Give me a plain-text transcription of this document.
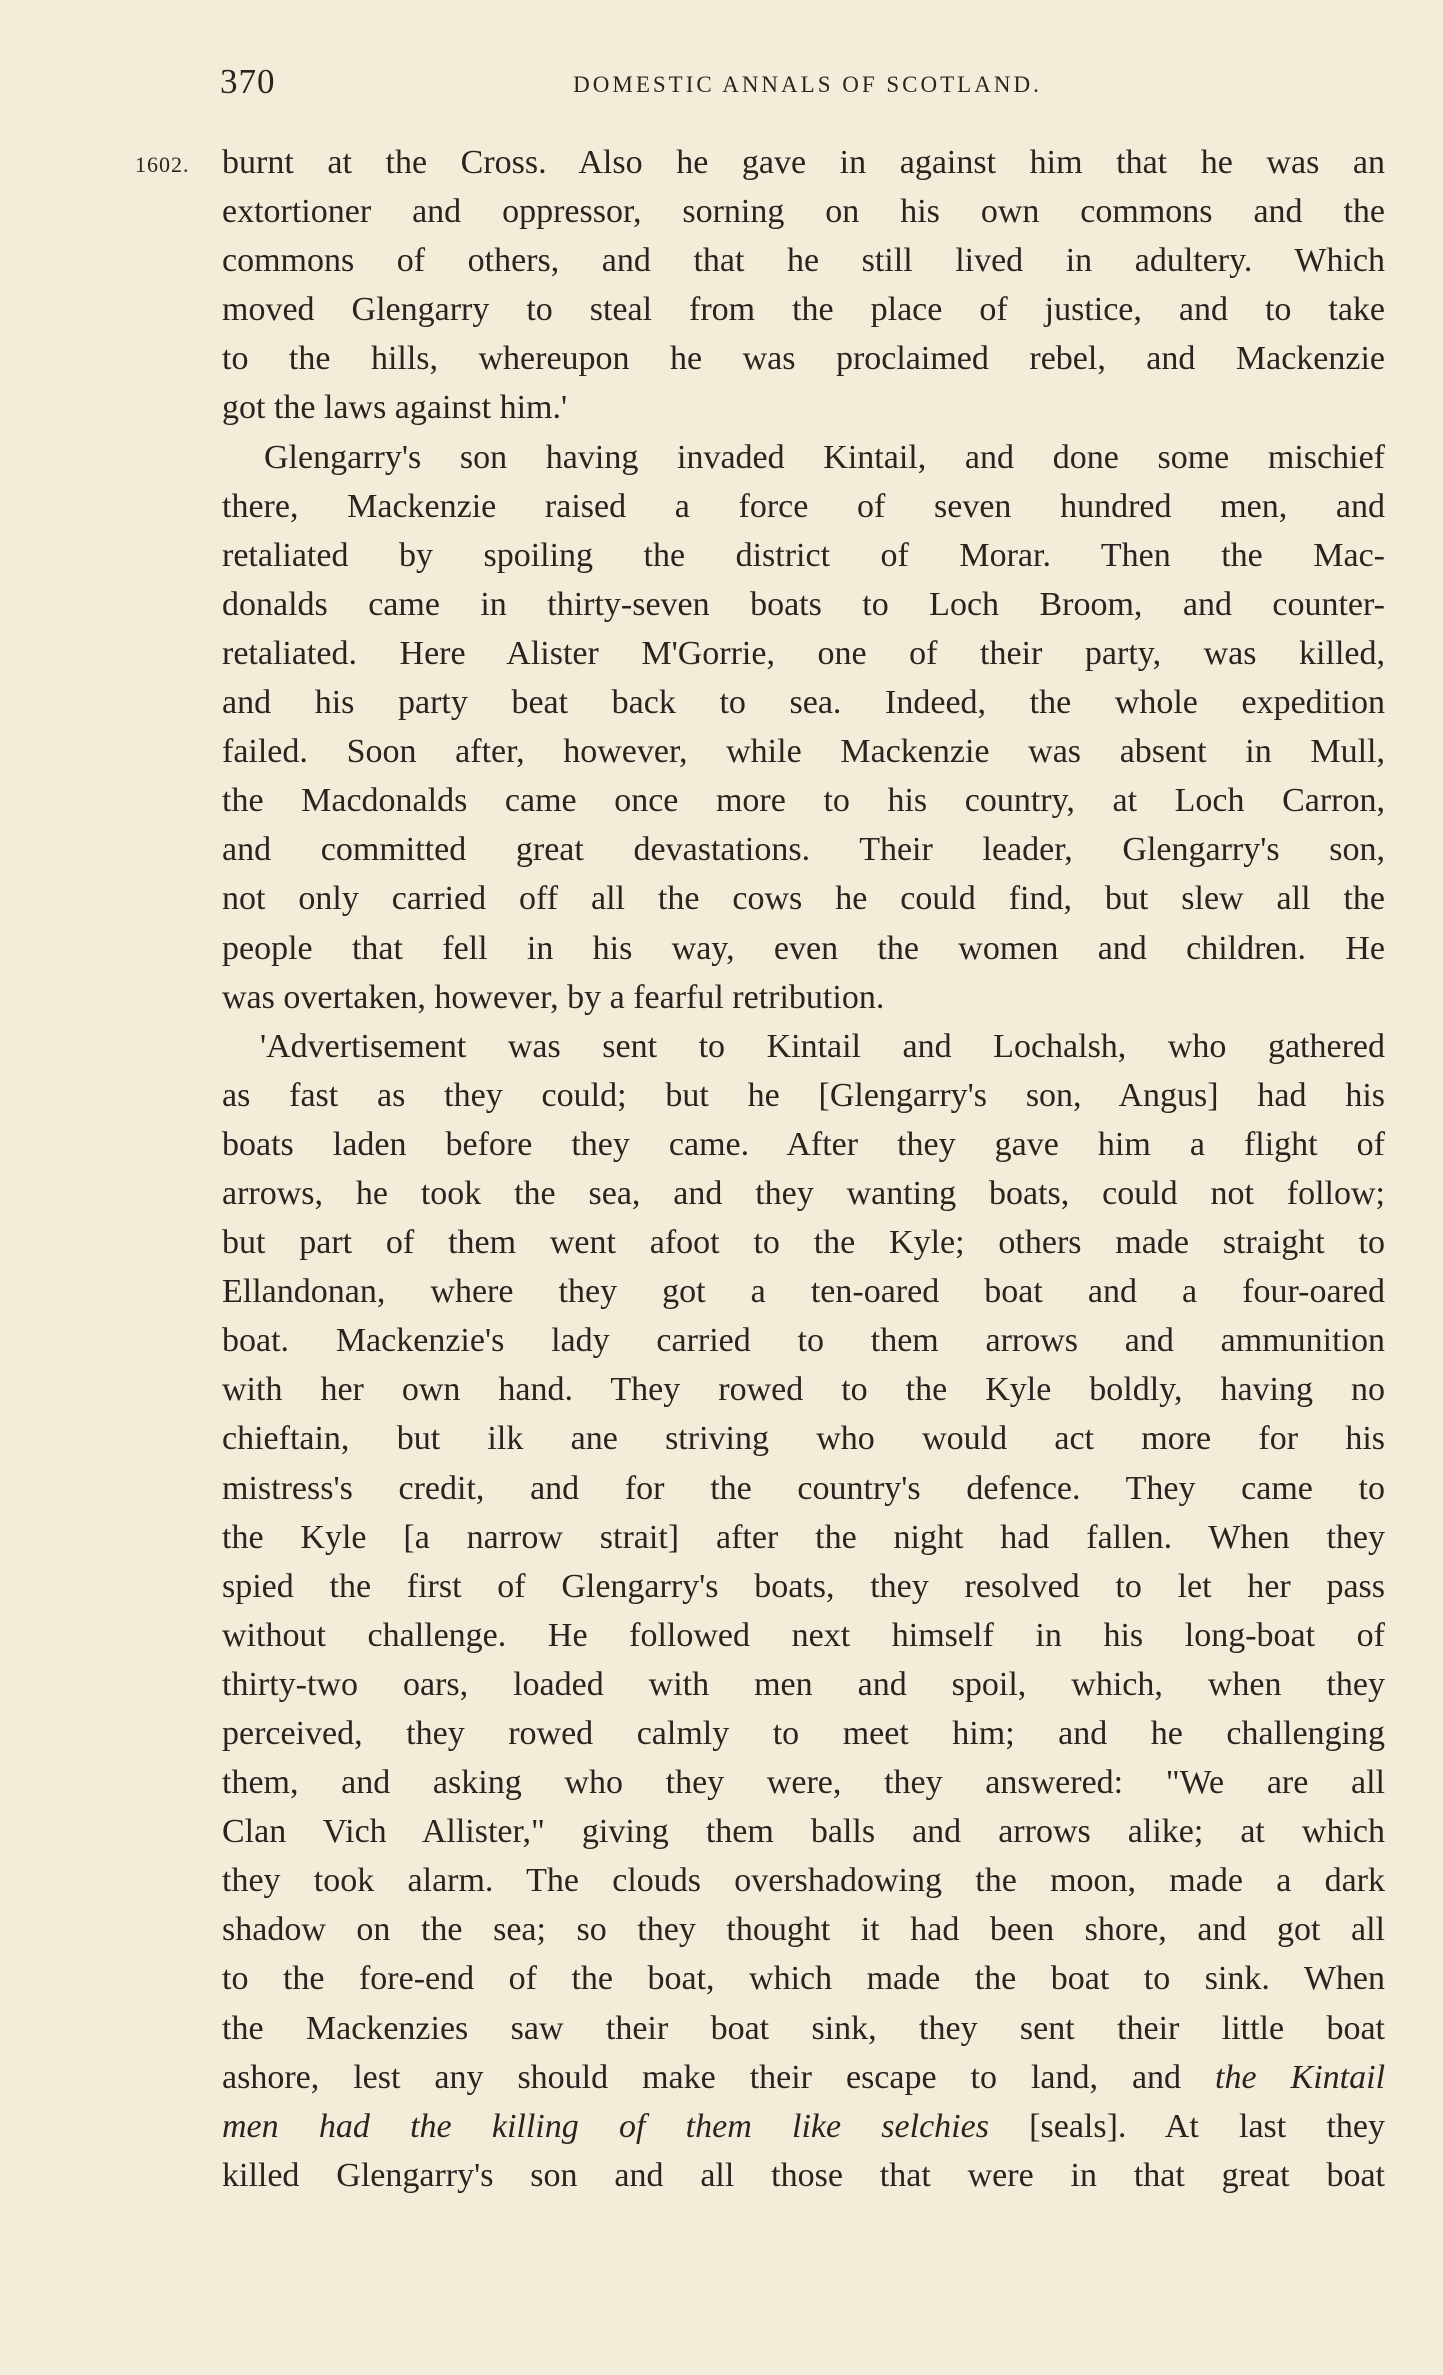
370	DOMESTIC ANNALS OF SCOTLAND.
1602. burnt at the Cross. Also he gave in against him that he was an
extortioner and oppressor, sorning on his own commons and the
commons of others, and that he still lived in adultery. Which
moved Glengarry to steal from the place of justice, and to take
to the hills, whereupon he was proclaimed rebel, and Mackenzie
got the laws against him.'
Glengarry's son having invaded Kintail, and done some mischief
there, Mackenzie raised a force of seven hundred men, and
retaliated by spoiling the district of Morar. Then the Mac-
donalds came in thirty-seven boats to Loch Broom, and counter-
retaliated. Here Alister M'Gorrie, one of their party, was killed,
and his party beat back to sea. Indeed, the whole expedition
failed. Soon after, however, while Mackenzie was absent in Mull,
the Macdonalds came once more to his country, at Loch Carron,
and committed great devastations. Their leader, Glengarry's son,
not only carried off all the cows he could find, but slew all the
people that fell in his way, even the women and children. He
was overtaken, however, by a fearful retribution.
'Advertisement was sent to Kintail and Lochalsh, who gathered
as fast as they could; but he [Glengarry's son, Angus] had his
boats laden before they came. After they gave him a flight of
arrows, he took the sea, and they wanting boats, could not follow;
but part of them went afoot to the Kyle; others made straight to
Ellandonan, where they got a ten-oared boat and a four-oared
boat. Mackenzie's lady carried to them arrows and ammunition
with her own hand. They rowed to the Kyle boldly, having no
chieftain, but ilk ane striving who would act more for his
mistress's credit, and for the country's defence. They came to
the Kyle [a narrow strait] after the night had fallen. When they
spied the first of Glengarry's boats, they resolved to let her pass
without challenge. He followed next himself in his long-boat of
thirty-two oars, loaded with men and spoil, which, when they
perceived, they rowed calmly to meet him; and he challenging
them, and asking who they were, they answered: "We are all
Clan Vich Allister," giving them balls and arrows alike; at which
they took alarm. The clouds overshadowing the moon, made a dark
shadow on the sea; so they thought it had been shore, and got all
to the fore-end of the boat, which made the boat to sink. When
the Mackenzies saw their boat sink, they sent their little boat
ashore, lest any should make their escape to land, and the Kintail
men had the killing of them like selchies [seals]. At last they
killed Glengarry's son and all those that were in that great boat
